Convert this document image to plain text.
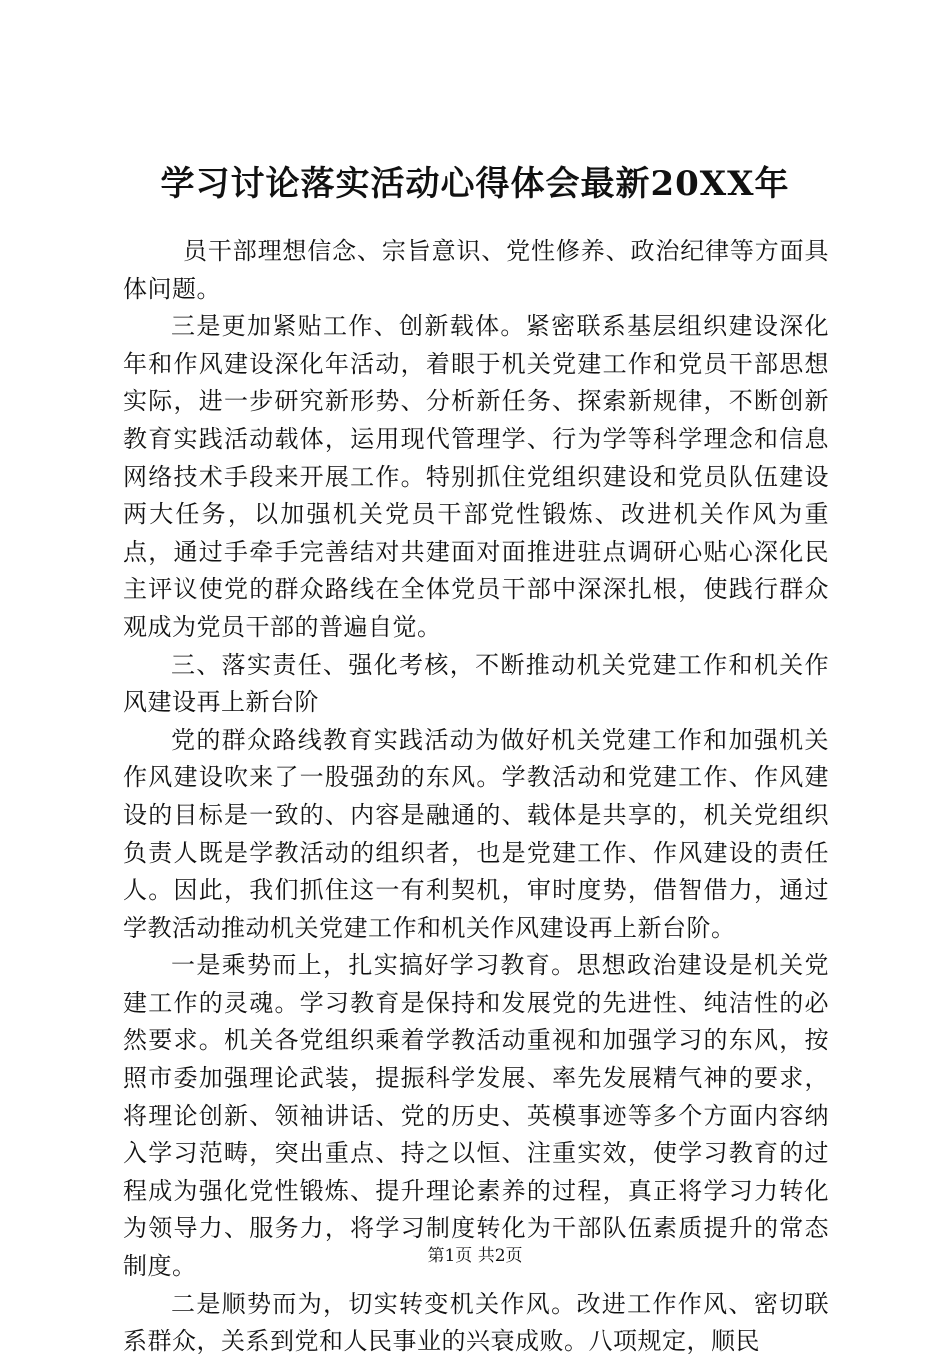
学习讨论落实活动心得体会最新20XX年

员干部理想信念、宗旨意识、党性修养、政治纪律等方面具体问题。

三是更加紧贴工作、创新载体。紧密联系基层组织建设深化年和作风建设深化年活动，着眼于机关党建工作和党员干部思想实际，进一步研究新形势、分析新任务、探索新规律，不断创新教育实践活动载体，运用现代管理学、行为学等科学理念和信息网络技术手段来开展工作。特别抓住党组织建设和党员队伍建设两大任务，以加强机关党员干部党性锻炼、改进机关作风为重点，通过手牵手完善结对共建面对面推进驻点调研心贴心深化民主评议使党的群众路线在全体党员干部中深深扎根，使践行群众观成为党员干部的普遍自觉。

三、落实责任、强化考核，不断推动机关党建工作和机关作风建设再上新台阶

党的群众路线教育实践活动为做好机关党建工作和加强机关作风建设吹来了一股强劲的东风。学教活动和党建工作、作风建设的目标是一致的、内容是融通的、载体是共享的，机关党组织负责人既是学教活动的组织者，也是党建工作、作风建设的责任人。因此，我们抓住这一有利契机，审时度势，借智借力，通过学教活动推动机关党建工作和机关作风建设再上新台阶。

一是乘势而上，扎实搞好学习教育。思想政治建设是机关党建工作的灵魂。学习教育是保持和发展党的先进性、纯洁性的必然要求。机关各党组织乘着学教活动重视和加强学习的东风，按照市委加强理论武装，提振科学发展、率先发展精气神的要求，将理论创新、领袖讲话、党的历史、英模事迹等多个方面内容纳入学习范畴，突出重点、持之以恒、注重实效，使学习教育的过程成为强化党性锻炼、提升理论素养的过程，真正将学习力转化为领导力、服务力，将学习制度转化为干部队伍素质提升的常态制度。

二是顺势而为，切实转变机关作风。改进工作作风、密切联系群众，关系到党和人民事业的兴衰成败。八项规定，顺民

第1页 共2页
